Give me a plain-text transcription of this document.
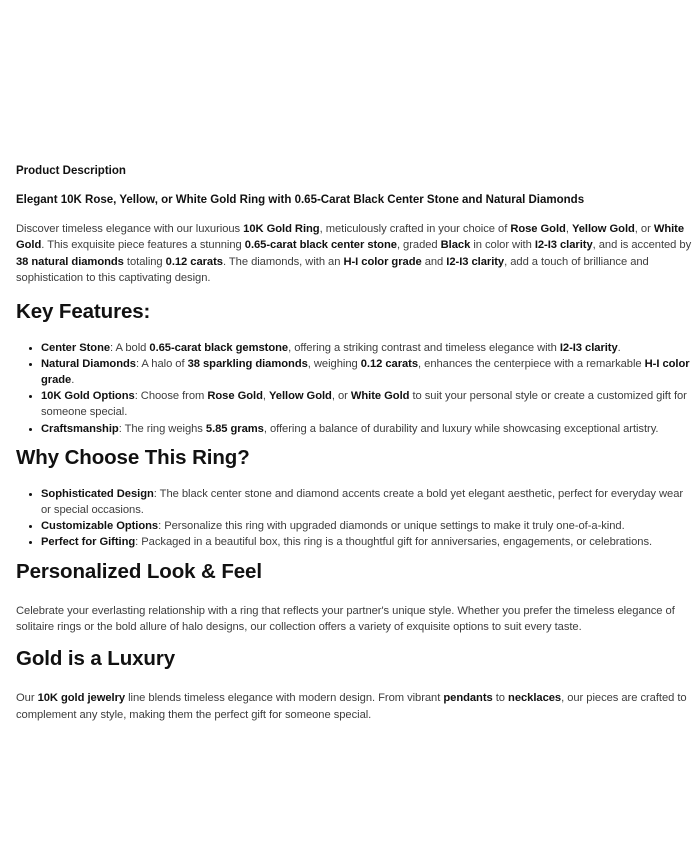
Product Description

Elegant 10K Rose, Yellow, or White Gold Ring with 0.65-Carat Black Center Stone and Natural Diamonds

Discover timeless elegance with our luxurious 10K Gold Ring, meticulously crafted in your choice of Rose Gold, Yellow Gold, or White Gold. This exquisite piece features a stunning 0.65-carat black center stone, graded Black in color with I2-I3 clarity, and is accented by 38 natural diamonds totaling 0.12 carats. The diamonds, with an H-I color grade and I2-I3 clarity, add a touch of brilliance and sophistication to this captivating design.

Key Features:
• Center Stone: A bold 0.65-carat black gemstone, offering a striking contrast and timeless elegance with I2-I3 clarity.
• Natural Diamonds: A halo of 38 sparkling diamonds, weighing 0.12 carats, enhances the centerpiece with a remarkable H-I color grade.
• 10K Gold Options: Choose from Rose Gold, Yellow Gold, or White Gold to suit your personal style or create a customized gift for someone special.
• Craftsmanship: The ring weighs 5.85 grams, offering a balance of durability and luxury while showcasing exceptional artistry.
Why Choose This Ring?
• Sophisticated Design: The black center stone and diamond accents create a bold yet elegant aesthetic, perfect for everyday wear or special occasions.
• Customizable Options: Personalize this ring with upgraded diamonds or unique settings to make it truly one-of-a-kind.
• Perfect for Gifting: Packaged in a beautiful box, this ring is a thoughtful gift for anniversaries, engagements, or celebrations.
Personalized Look & Feel

Celebrate your everlasting relationship with a ring that reflects your partner's unique style. Whether you prefer the timeless elegance of solitaire rings or the bold allure of halo designs, our collection offers a variety of exquisite options to suit every taste.

Gold is a Luxury

Our 10K gold jewelry line blends timeless elegance with modern design. From vibrant pendants to necklaces, our pieces are crafted to complement any style, making them the perfect gift for someone special.
